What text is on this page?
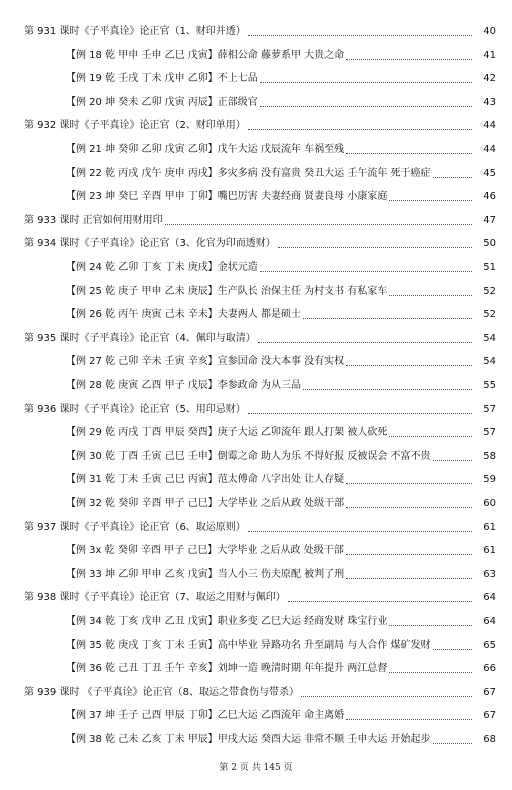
第 931 课时《子平真诠》论正官（1、财印并透）	40
【例 18 乾 甲申 壬申 乙巳 戊寅】薛相公命 藤萝系甲 大贵之命	41
【例 19 乾 壬戌 丁未 戊申 乙卯】不上七品	42
【例 20 坤 癸未 乙卯 戊寅 丙辰】正部级官	43
第 932 课时《子平真诠》论正官（2、财印单用）	44
【例 21 坤 癸卯 乙卯 戊寅 乙卯】戊午大运 戊辰流年 车祸至残	44
【例 22 乾 丙戌 戊午 庚申 丙戌】多灾多病 没有富贵 癸丑大运 壬午流年 死于癌症	45
【例 23 坤 癸巳 辛酉 甲申 丁卯】嘴巴厉害 夫妻经商 贤妻良母 小康家庭	46
第 933 课时 正官如何用财用印	47
第 934 课时《子平真诠》论正官（3、化官为印而透财）	50
【例 24 乾 乙卯 丁亥 丁未 庚戌】金状元造	51
【例 25 乾 庚子 甲申 乙未 庚辰】生产队长 治保主任 为村支书 有私家车	52
【例 26 乾 丙午 庚寅 己未 辛未】夫妻两人 都是硕士	52
第 935 课时《子平真诠》论正官（4、佩印与取清）	54
【例 27 乾 己卯 辛未 壬寅 辛亥】宣参国命 没大本事 没有实权	54
【例 28 乾 庚寅 乙酉 甲子 戊辰】李参政命 为从三品	55
第 936 课时《子平真诠》论正官（5、用印忌财）	57
【例 29 乾 丙戌 丁酉 甲辰 癸酉】庚子大运 乙卯流年 跟人打架 被人砍死	57
【例 30 乾 丁酉 壬寅 己巳 壬申】倒霉之命 助人为乐 不得好报 反被误会 不富不贵	58
【例 31 乾 丁未 壬寅 己巳 丙寅】范太傅命 八字出处 让人存疑	59
【例 32 乾 癸卯 辛酉 甲子 己巳】大学毕业 之后从政 处级干部	60
第 937 课时《子平真诠》论正官（6、取运原则）	61
【例 3x 乾 癸卯 辛酉 甲子 己巳】大学毕业 之后从政 处级干部	61
【例 33 坤 乙卯 甲申 乙亥 戊寅】当人小三 伤夫原配 被判了刑	63
第 938 课时《子平真诠》论正官（7、取运之用财与佩印）	64
【例 34 乾 丁亥 戊申 乙丑 戊寅】职业多变 乙巳大运 经商发财 珠宝行业	64
【例 35 乾 庚戌 丁亥 丁未 壬寅】高中毕业 异路功名 升至副局 与人合作 煤矿发财	65
【例 36 乾 己丑 丁丑 壬午 辛亥】刘坤一造 晚清时期 年年提升 两江总督	66
第 939 课时 《子平真诠》论正官（8、取运之带食伤与带杀）	67
【例 37 坤 壬子 己酉 甲辰 丁卯】乙巳大运 乙酉流年 命主离婚	67
【例 38 乾 己未 乙亥 丁未 甲辰】甲戌大运 癸酉大运 非常不顺 壬申大运 开始起步	68
第 2 页 共 145 页
